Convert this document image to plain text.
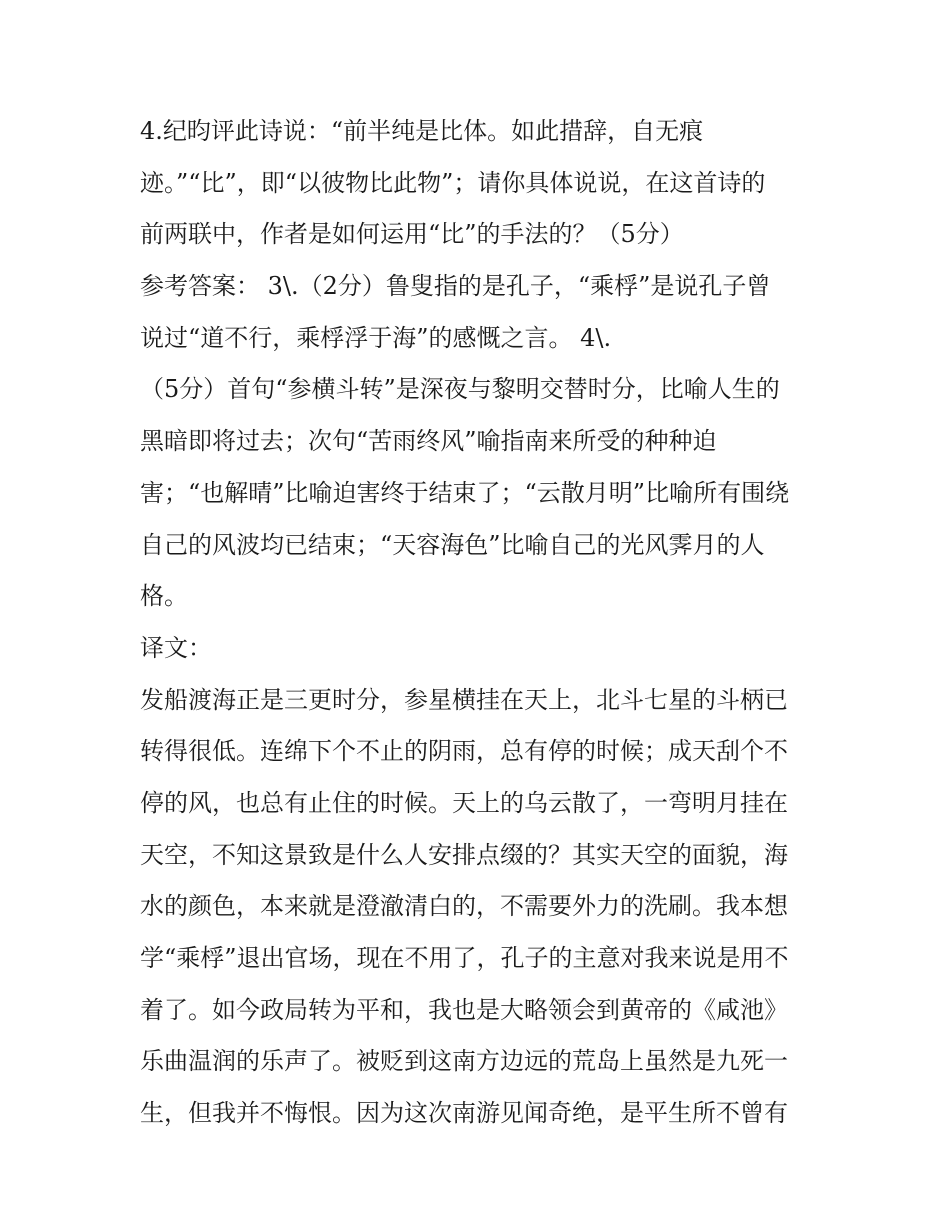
4.纪昀评此诗说：“前半纯是比体。如此措辞，自无痕
迹。”“比”，即“以彼物比此物”；请你具体说说，在这首诗的
前两联中，作者是如何运用“比”的手法的？（5分）
参考答案： 3\.（2分）鲁叟指的是孔子，“乘桴”是说孔子曾
说过“道不行，乘桴浮于海”的感慨之言。 4\.
（5分）首句“参横斗转”是深夜与黎明交替时分，比喻人生的
黑暗即将过去；次句“苦雨终风”喻指南来所受的种种迫
害；“也解晴”比喻迫害终于结束了；“云散月明”比喻所有围绕
自己的风波均已结束；“天容海色”比喻自己的光风霁月的人
格。
译文：
发船渡海正是三更时分，参星横挂在天上，北斗七星的斗柄已
转得很低。连绵下个不止的阴雨，总有停的时候；成天刮个不
停的风，也总有止住的时候。天上的乌云散了，一弯明月挂在
天空，不知这景致是什么人安排点缀的？其实天空的面貌，海
水的颜色，本来就是澄澈清白的，不需要外力的洗刷。我本想
学“乘桴”退出官场，现在不用了，孔子的主意对我来说是用不
着了。如今政局转为平和，我也是大略领会到黄帝的《咸池》
乐曲温润的乐声了。被贬到这南方边远的荒岛上虽然是九死一
生，但我并不悔恨。因为这次南游见闻奇绝，是平生所不曾有
